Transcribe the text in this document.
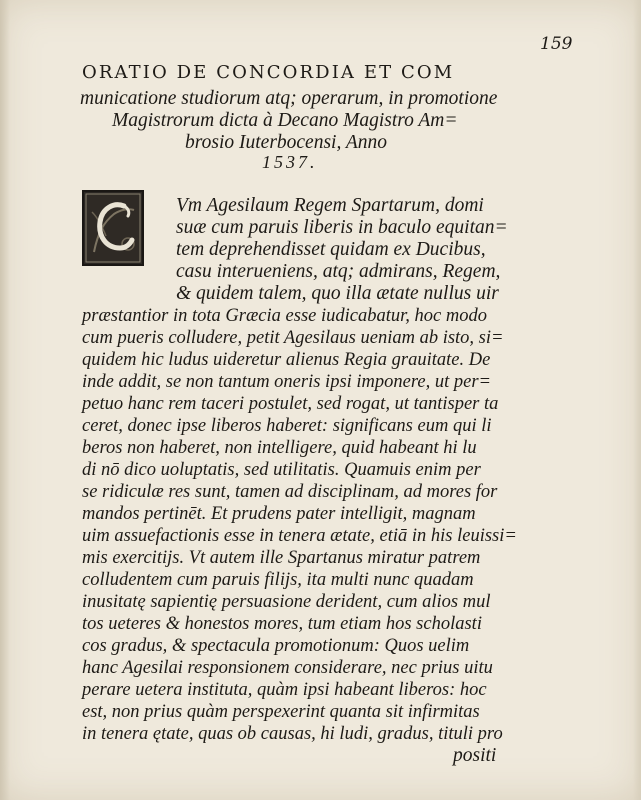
159
ORATIO DE CONCORDIA ET COM
municatione studiorum atq; operarum, in promotione
Magistrorum dicta à Decano Magistro Am=
brosio Iuterbocensi, Anno
1537.
Vm Agesilaum Regem Spartarum, domi
suæ cum paruis liberis in baculo equitan=
tem deprehendisset quidam ex Ducibus,
casu interueniens, atq; admirans, Regem,
& quidem talem, quo illa ætate nullus uir
præstantior in tota Græcia esse iudicabatur, hoc modo
cum pueris colludere, petit Agesilaus ueniam ab isto, si=
quidem hic ludus uideretur alienus Regia grauitate. De
inde addit, se non tantum oneris ipsi imponere, ut per=
petuo hanc rem taceri postulet, sed rogat, ut tantisper ta
ceret, donec ipse liberos haberet: significans eum qui li
beros non haberet, non intelligere, quid habeant hi lu
di nō dico uoluptatis, sed utilitatis. Quamuis enim per
se ridiculæ res sunt, tamen ad disciplinam, ad mores for
mandos pertinēt. Et prudens pater intelligit, magnam
uim assuefactionis esse in tenera ætate, etiā in his leuissi=
mis exercitijs. Vt autem ille Spartanus miratur patrem
colludentem cum paruis filijs, ita multi nunc quadam
inusitatę sapientię persuasione derident, cum alios mul
tos ueteres & honestos mores, tum etiam hos scholasti
cos gradus, & spectacula promotionum: Quos uelim
hanc Agesilai responsionem considerare, nec prius uitu
perare uetera instituta, quàm ipsi habeant liberos: hoc
est, non prius quàm perspexerint quanta sit infirmitas
in tenera ętate, quas ob causas, hi ludi, gradus, tituli pro
positi
